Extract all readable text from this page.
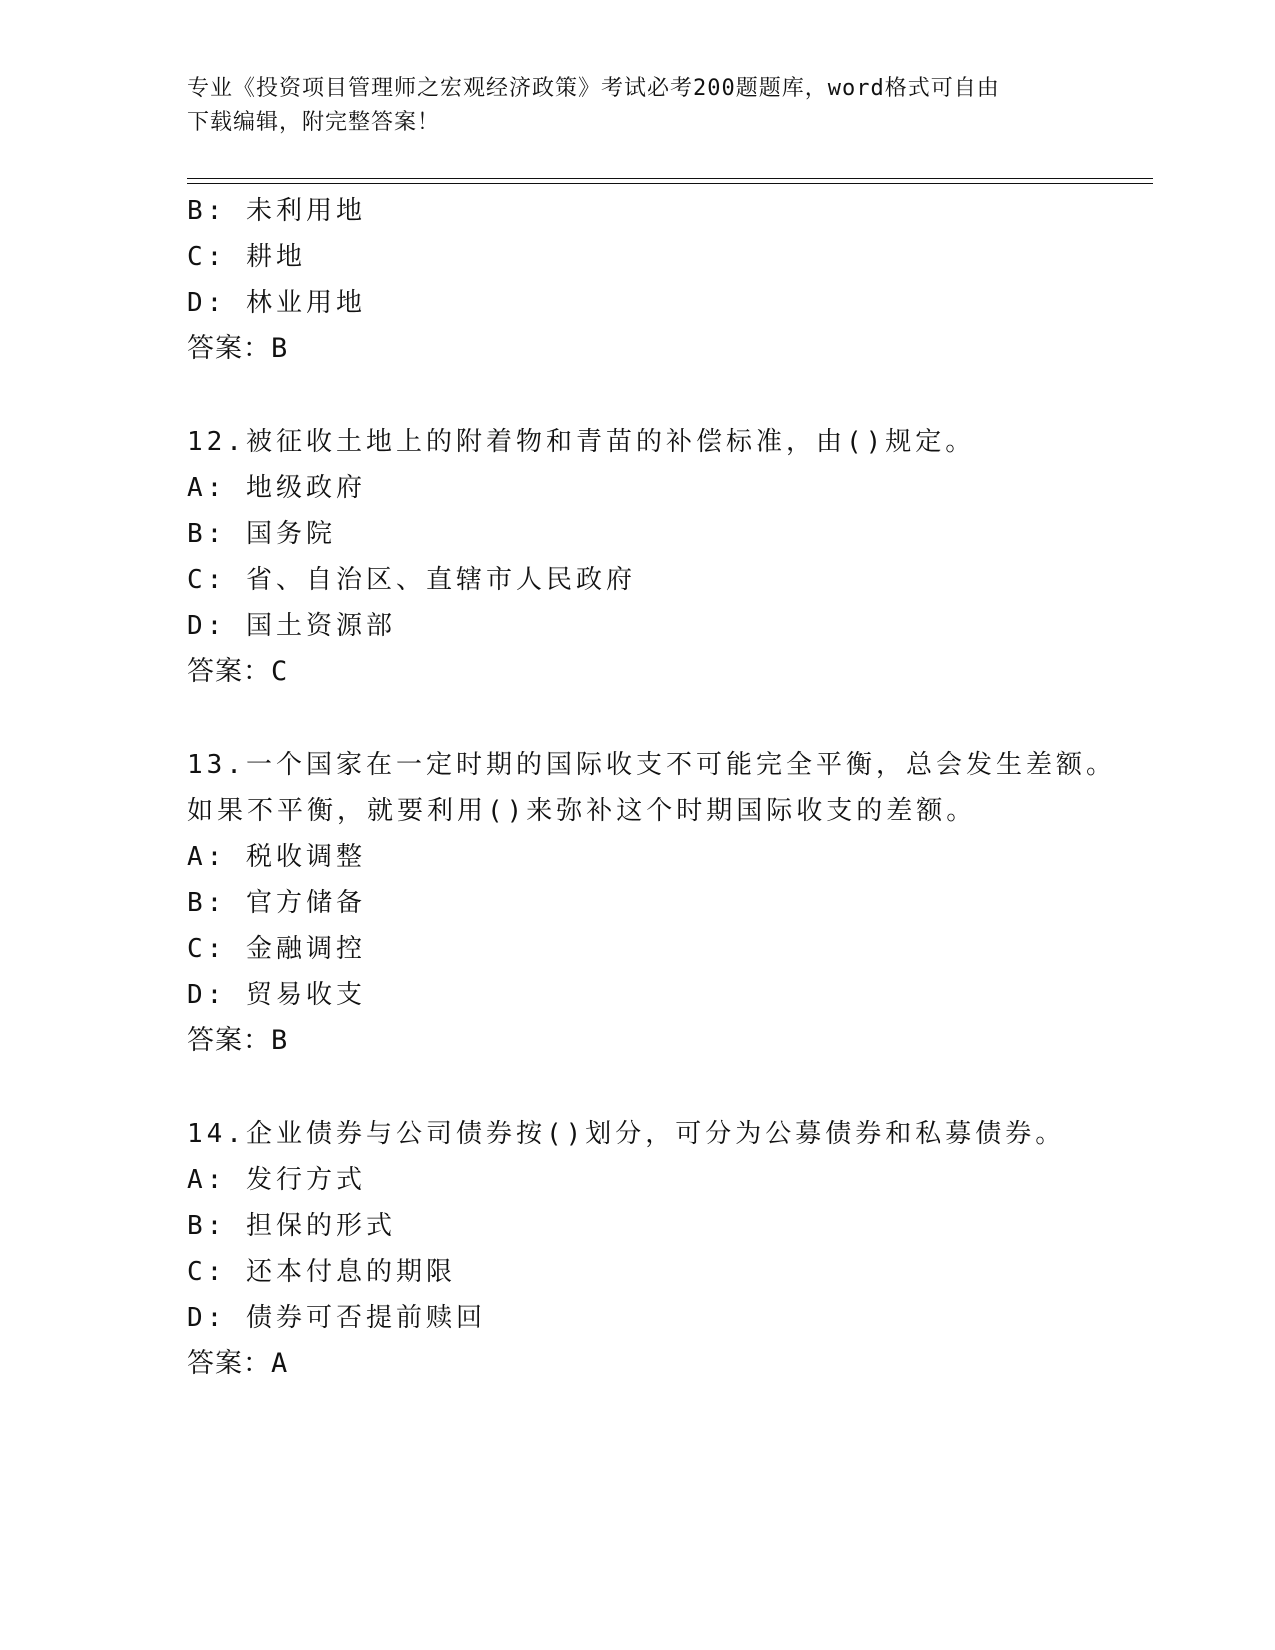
专业《投资项目管理师之宏观经济政策》考试必考200题题库，word格式可自由
下载编辑，附完整答案！
B: 未利用地
C: 耕地
D: 林业用地
答案：B
12.被征收土地上的附着物和青苗的补偿标准，由()规定。
A: 地级政府
B: 国务院
C: 省、自治区、直辖市人民政府
D: 国土资源部
答案：C
13.一个国家在一定时期的国际收支不可能完全平衡，总会发生差额。
如果不平衡，就要利用()来弥补这个时期国际收支的差额。
A: 税收调整
B: 官方储备
C: 金融调控
D: 贸易收支
答案：B
14.企业债券与公司债券按()划分，可分为公募债券和私募债券。
A: 发行方式
B: 担保的形式
C: 还本付息的期限
D: 债券可否提前赎回
答案：A
